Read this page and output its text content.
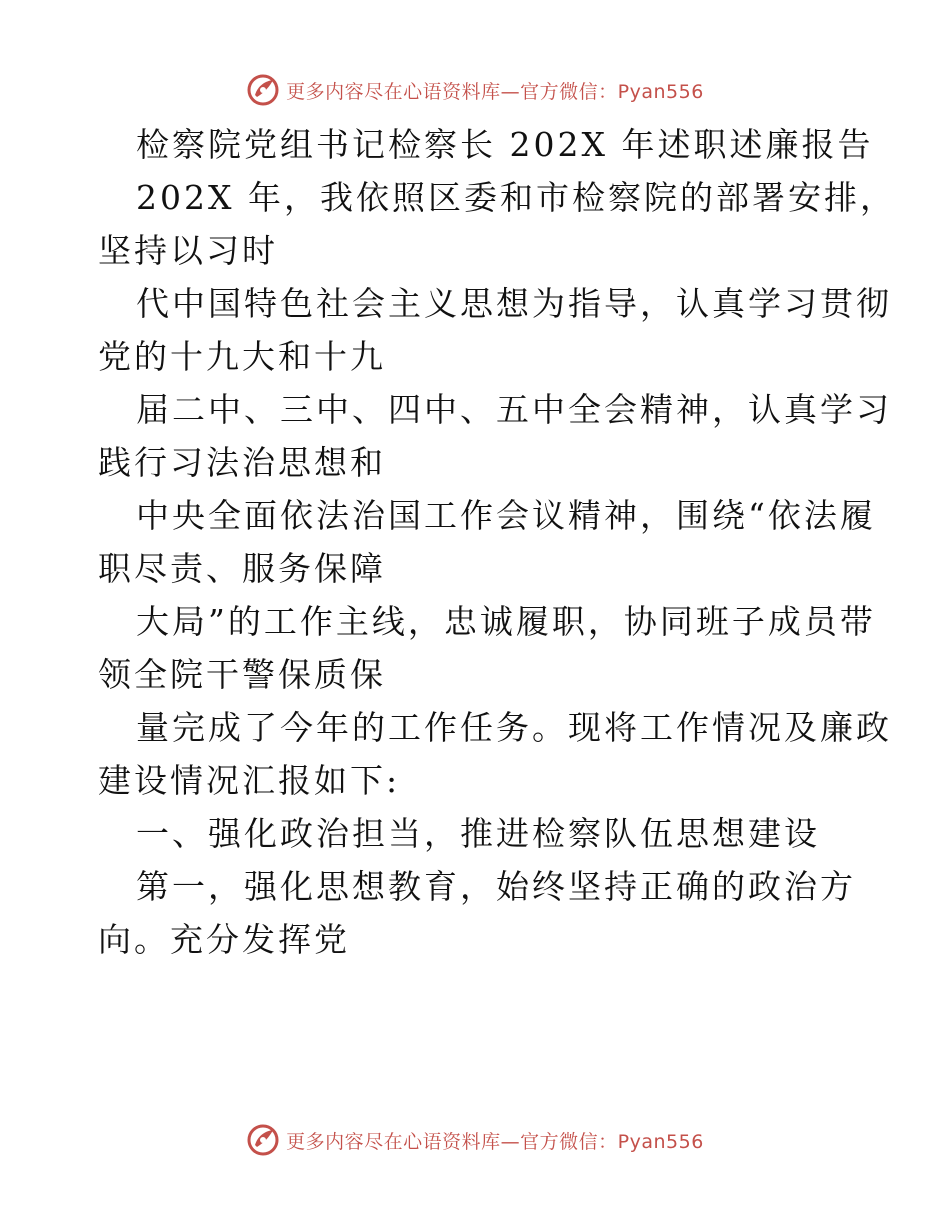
更多内容尽在心语资料库—官方微信：Pyan556
检察院党组书记检察长 202X 年述职述廉报告
202X 年，我依照区委和市检察院的部署安排，
坚持以习时
代中国特色社会主义思想为指导，认真学习贯彻
党的十九大和十九
届二中、三中、四中、五中全会精神，认真学习
践行习法治思想和
中央全面依法治国工作会议精神，围绕“依法履
职尽责、服务保障
大局”的工作主线，忠诚履职，协同班子成员带
领全院干警保质保
量完成了今年的工作任务。现将工作情况及廉政
建设情况汇报如下:
一、强化政治担当，推进检察队伍思想建设
第一，强化思想教育，始终坚持正确的政治方
向。充分发挥党
更多内容尽在心语资料库—官方微信：Pyan556
